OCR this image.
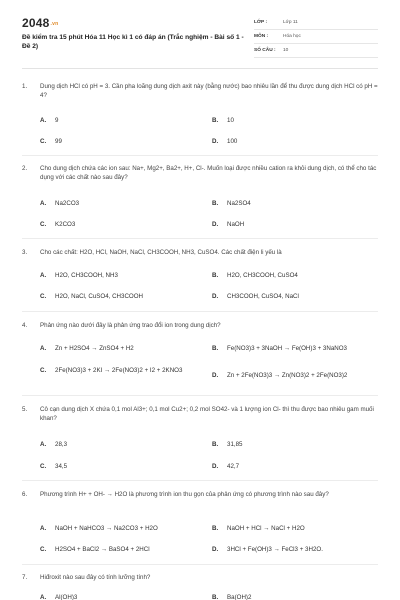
2048.vn
Đề kiểm tra 15 phút Hóa 11 Học kì 1 có đáp án (Trắc nghiệm - Bài số 1 - Đề 2)
LỚP :	Lớp 11
MÔN :	Hóa học
SỐ CÂU :	10
1.	Dung dịch HCl có pH = 3. Cần pha loãng dung dịch axit này (bằng nước) bao nhiêu lần để thu được dung dịch HCl có pH = 4?
A.	9	B.	10
C.	99	D.	100
2.	Cho dung dịch chứa các ion sau: Na+, Mg2+, Ba2+, H+, Cl-. Muốn loại được nhiều cation ra khỏi dung dịch, có thể cho tác dụng với các chất nào sau đây?
A.	Na2CO3	B.	Na2SO4
C.	K2CO3	D.	NaOH
3.	Cho các chất: H2O, HCl, NaOH, NaCl, CH3COOH, NH3, CuSO4. Các chất điện li yếu là
A.	H2O, CH3COOH, NH3	B.	H2O, CH3COOH, CuSO4
C.	H2O, NaCl, CuSO4, CH3COOH	D.	CH3COOH, CuSO4, NaCl
4.	Phản ứng nào dưới đây là phản ứng trao đổi ion trong dung dịch?
A.	Zn + H2SO4 → ZnSO4 + H2	B.	Fe(NO3)3 + 3NaOH → Fe(OH)3 + 3NaNO3
C.	2Fe(NO3)3 + 2KI → 2Fe(NO3)2 + I2 + 2KNO3
D.	Zn + 2Fe(NO3)3 → Zn(NO3)2 + 2Fe(NO3)2
5.	Cô cạn dung dịch X chứa 0,1 mol Al3+; 0,1 mol Cu2+; 0,2 mol SO42- và 1 lượng ion Cl- thì thu được bao nhiêu gam muối khan?
A.	28,3	B.	31,85
C.	34,5	D.	42,7
6.	Phương trình H+ + OH- → H2O là phương trình ion thu gọn của phản ứng có phương trình nào sau đây?
A.	NaOH + NaHCO3 → Na2CO3 + H2O	B.	NaOH + HCl → NaCl + H2O
C.	H2SO4 + BaCl2 → BaSO4 + 2HCl	D.	3HCl + Fe(OH)3 → FeCl3 + 3H2O.
7.	Hiđroxit nào sau đây có tính lưỡng tính?
A.	Al(OH)3	B.	Ba(OH)2
